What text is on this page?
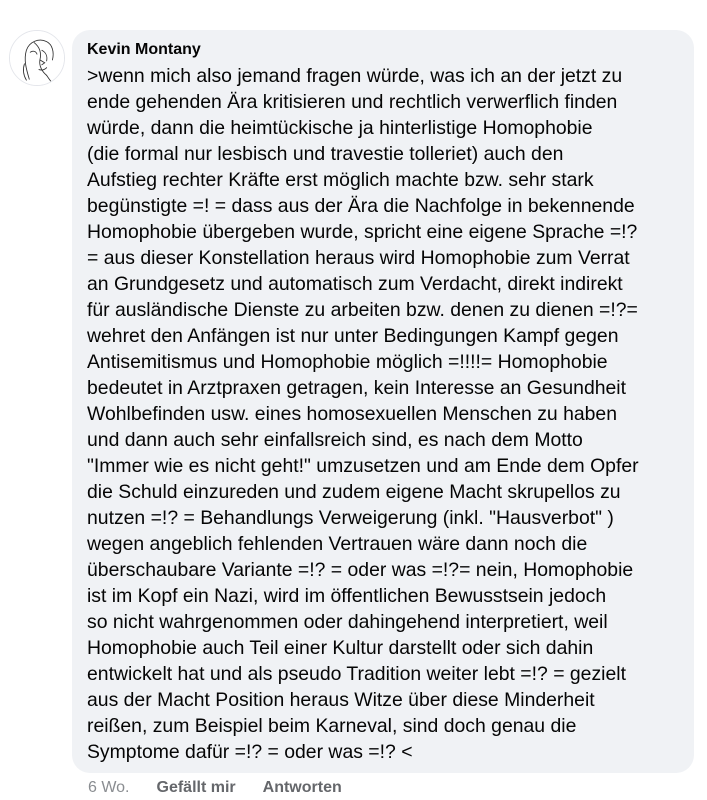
Kevin Montany
>wenn mich also jemand fragen würde, was ich an der jetzt zu
ende gehenden Ära kritisieren und rechtlich verwerflich finden
würde, dann die heimtückische ja hinterlistige Homophobie
(die formal nur lesbisch und travestie tolleriet) auch den
Aufstieg rechter Kräfte erst möglich machte bzw. sehr stark
begünstigte =! = dass aus der Ära die Nachfolge in bekennende
Homophobie übergeben wurde, spricht eine eigene Sprache =!?
= aus dieser Konstellation heraus wird Homophobie zum Verrat
an Grundgesetz und automatisch zum Verdacht, direkt indirekt
für ausländische Dienste zu arbeiten bzw. denen zu dienen =!?=
wehret den Anfängen ist nur unter Bedingungen Kampf gegen
Antisemitismus und Homophobie möglich =!!!!= Homophobie
bedeutet in Arztpraxen getragen, kein Interesse an Gesundheit
Wohlbefinden usw. eines homosexuellen Menschen zu haben
und dann auch sehr einfallsreich sind, es nach dem Motto
"Immer wie es nicht geht!" umzusetzen und am Ende dem Opfer
die Schuld einzureden und zudem eigene Macht skrupellos zu
nutzen =!? = Behandlungs Verweigerung (inkl. "Hausverbot" )
wegen angeblich fehlenden Vertrauen wäre dann noch die
überschaubare Variante =!? = oder was =!?= nein, Homophobie
ist im Kopf ein Nazi, wird im öffentlichen Bewusstsein jedoch
so nicht wahrgenommen oder dahingehend interpretiert, weil
Homophobie auch Teil einer Kultur darstellt oder sich dahin
entwickelt hat und als pseudo Tradition weiter lebt =!? = gezielt
aus der Macht Position heraus Witze über diese Minderheit
reißen, zum Beispiel beim Karneval, sind doch genau die
Symptome dafür =!? = oder was =!? <
6 Wo. Gefällt mir Antworten
